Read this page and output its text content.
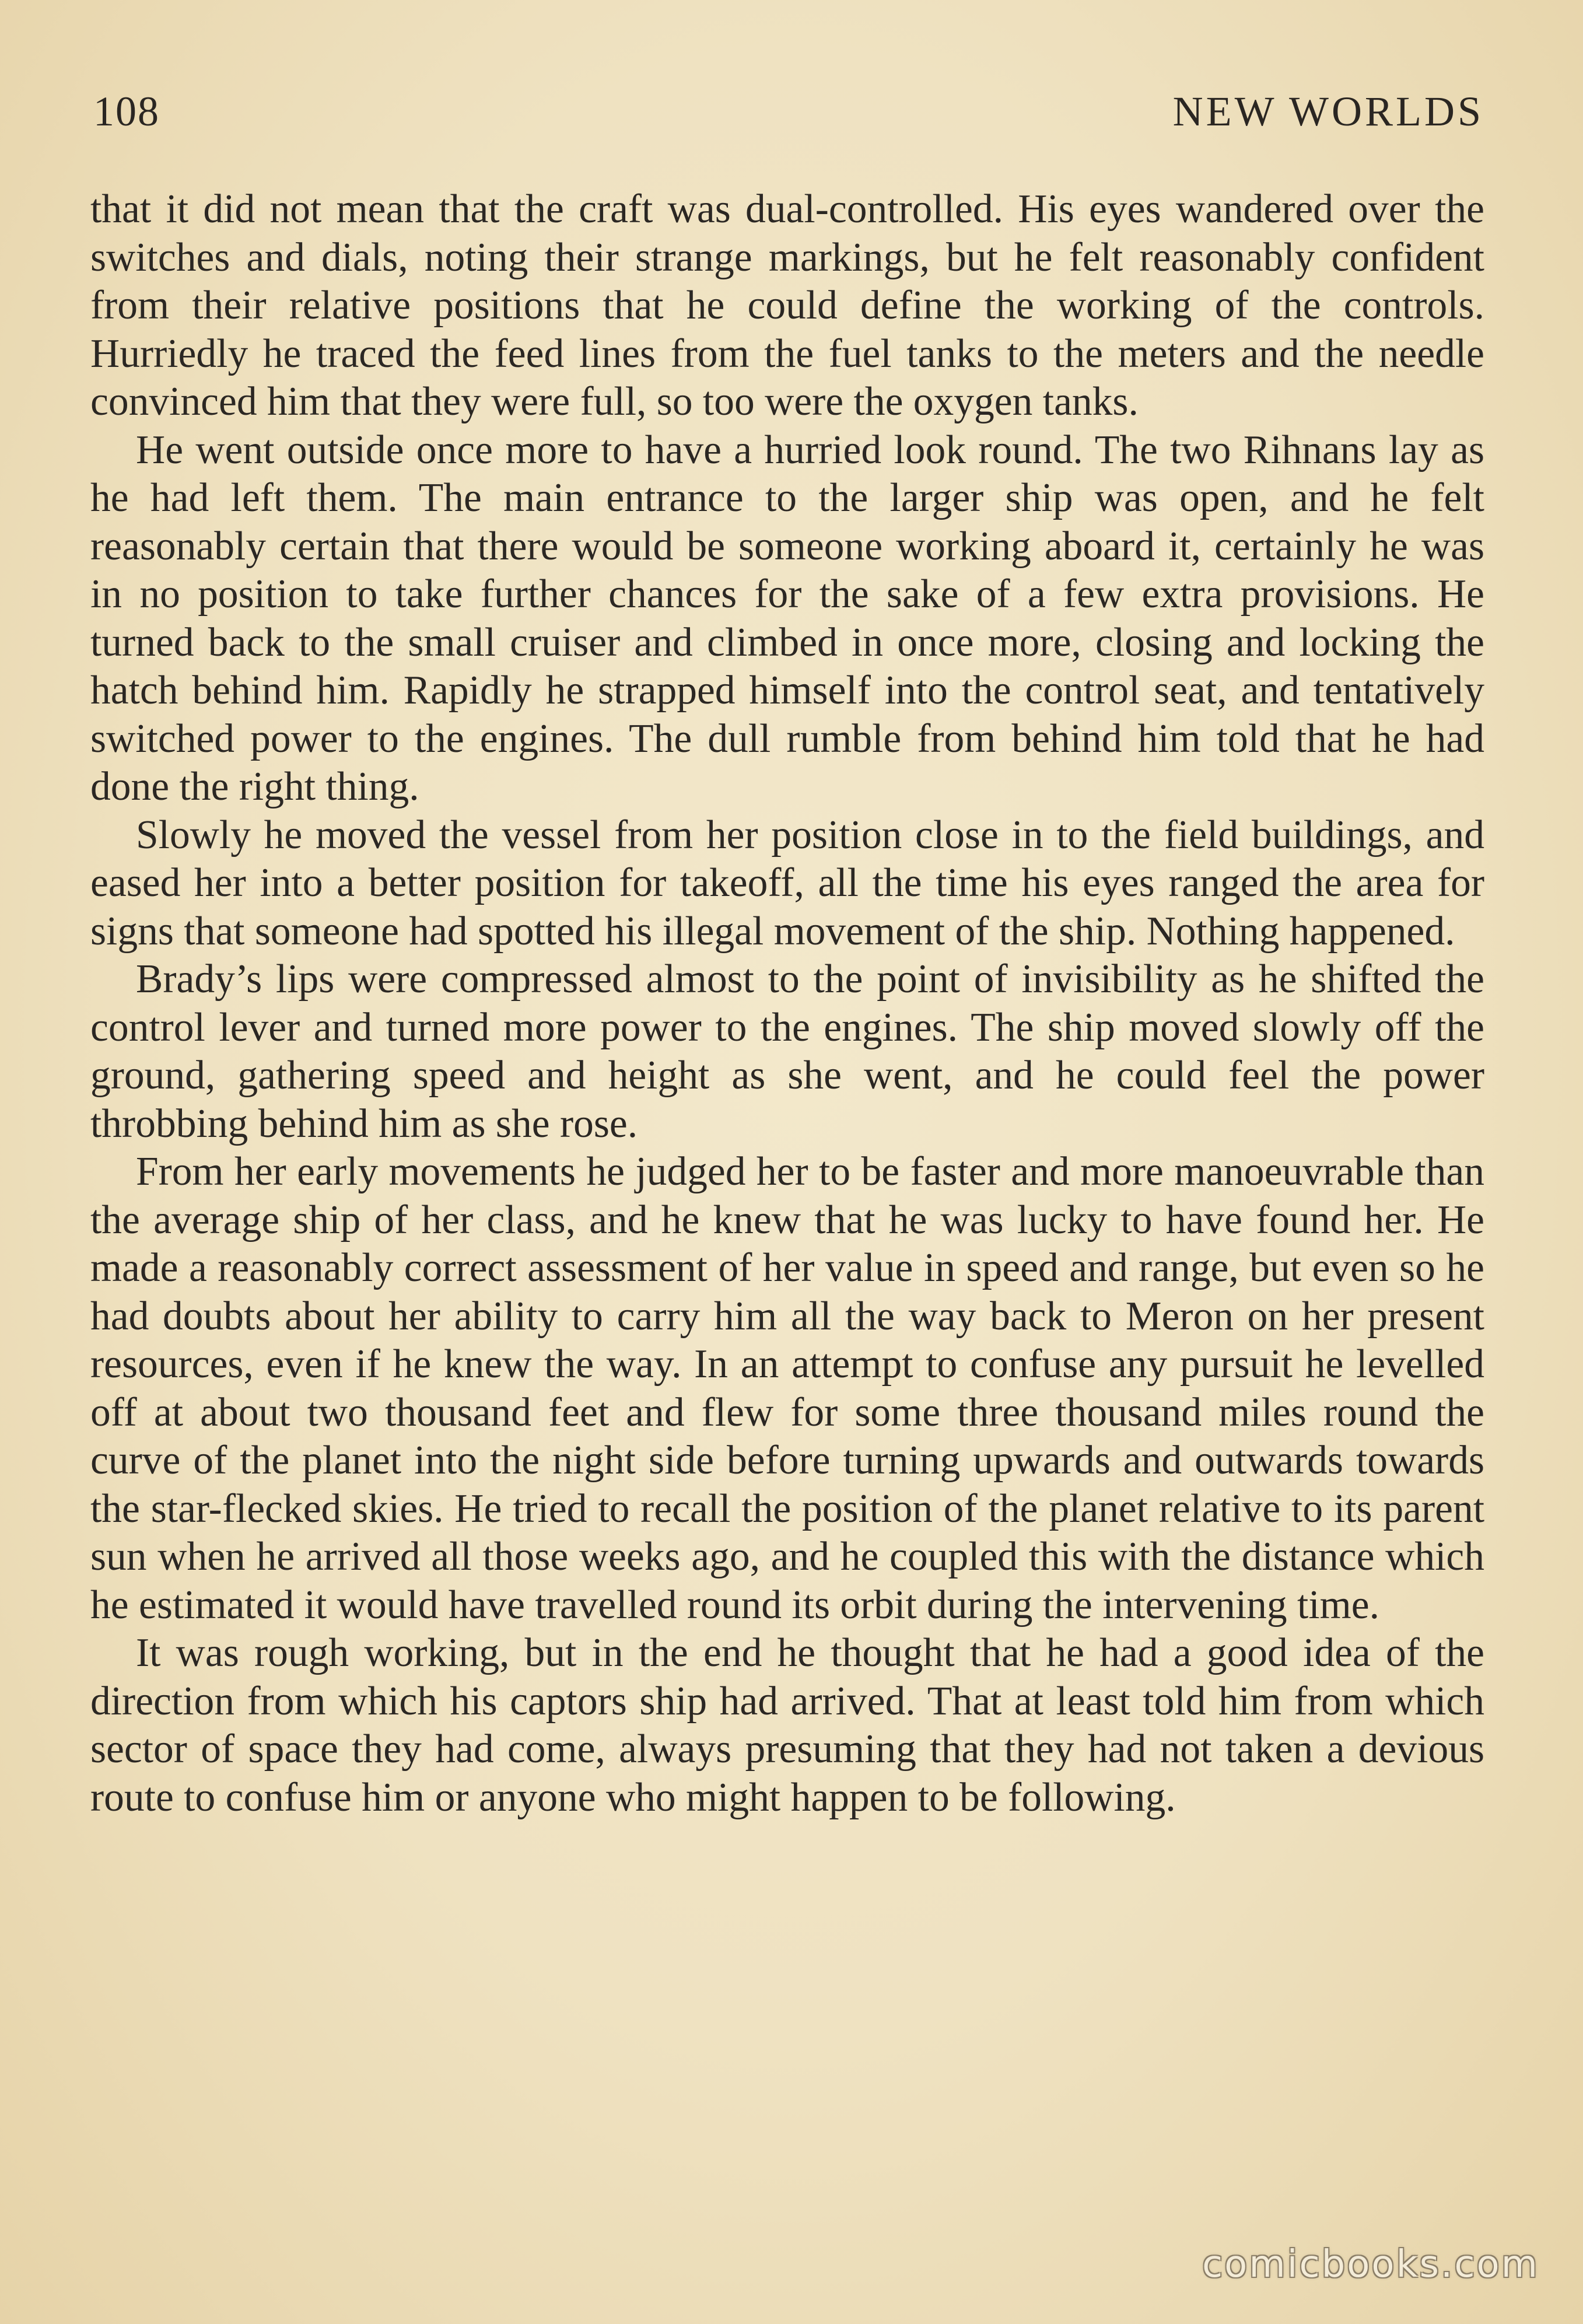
108	NEW WORLDS

that it did not mean that the craft was dual-controlled. His eyes wandered over the switches and dials, noting their strange markings, but he felt reasonably confident from their relative positions that he could define the working of the controls. Hurriedly he traced the feed lines from the fuel tanks to the meters and the needle convinced him that they were full, so too were the oxygen tanks.

He went outside once more to have a hurried look round. The two Rihnans lay as he had left them. The main entrance to the larger ship was open, and he felt reasonably certain that there would be someone working aboard it, certainly he was in no position to take further chances for the sake of a few extra provisions. He turned back to the small cruiser and climbed in once more, closing and locking the hatch behind him. Rapidly he strapped himself into the control seat, and tentatively switched power to the engines. The dull rumble from behind him told that he had done the right thing.

Slowly he moved the vessel from her position close in to the field buildings, and eased her into a better position for takeoff, all the time his eyes ranged the area for signs that someone had spotted his illegal movement of the ship. Nothing happened.

Brady’s lips were compressed almost to the point of invisibility as he shifted the control lever and turned more power to the engines. The ship moved slowly off the ground, gathering speed and height as she went, and he could feel the power throbbing behind him as she rose.

From her early movements he judged her to be faster and more manoeuvrable than the average ship of her class, and he knew that he was lucky to have found her. He made a reasonably correct assessment of her value in speed and range, but even so he had doubts about her ability to carry him all the way back to Meron on her present resources, even if he knew the way. In an attempt to confuse any pursuit he levelled off at about two thousand feet and flew for some three thousand miles round the curve of the planet into the night side before turning upwards and outwards towards the star-flecked skies. He tried to recall the position of the planet relative to its parent sun when he arrived all those weeks ago, and he coupled this with the distance which he estimated it would have travelled round its orbit during the intervening time.

It was rough working, but in the end he thought that he had a good idea of the direction from which his captors ship had arrived. That at least told him from which sector of space they had come, always presuming that they had not taken a devious route to confuse him or anyone who might happen to be following.

comicbooks.com
